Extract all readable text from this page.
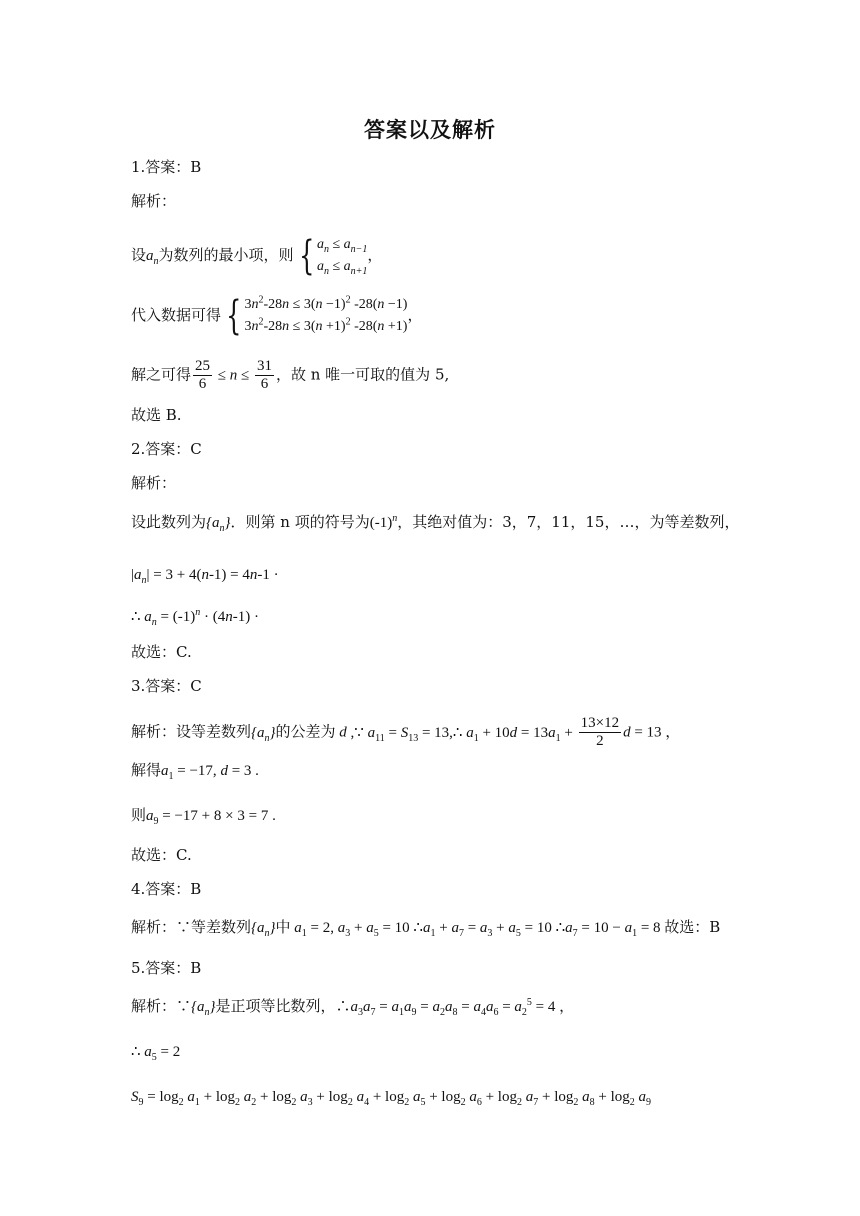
答案以及解析
1.答案：B
解析：
设$a_n$为数列的最小项，则 { $a_n \le a_{n-1}$
$a_n \le a_{n+1}$
，
代入数据可得 { $3n^2-28n \le 3(n -1)^2$ -28(n −1)
$3n^2-28n \le 3(n +1)^2$ -28(n +1)
，
解之可得 $\frac{25}{6} \le n \le \frac{31}{6}$ ，故 n 唯一可取的值为 5,
故选 B.
2.答案：C
解析：
设此数列为$\{a_n\}$．则第 n 项的符号为$(-1)^n$，其绝对值为：3，7，11，15，…，为等差数列，
$|a_n| = 3 + 4(n-1) = 4n-1$ ·
∴ $a_n = (-1)^n \cdot (4n-1)$ ·
故选：C.
3.答案：C
解析：设等差数列$\{a_n\}$的公差为 d ,∵ $a_{11} = S_{13}$ = 13,∴ $a_1 + 10d = 13a_1 + \frac{13\times 12}{2}$ d = 13 ，
解得$a_1 = -17$, d = 3 .
则$a_9 = -17 + 8 \times 3 = 7$ .
故选：C.
4.答案：B
解析：∵等差数列$\{a_n\}$中 $a_1 = 2$, $a_3 + a_5 = 10$ $\therefore a_1 + a_7 = a_3 + a_5 = 10$ $\therefore a_7 = 10 - a_1 = 8$ 故选：B
5.答案：B
解析：$\because\{a_n\}$是正项等比数列，$\therefore a_3a_7 = a_1a_9 = a_2a_8 = a_4a_6 = a_2^5 = 4$ ，
∴ $a_5 = 2$
$S_9 = \log_2 a_1 + \log_2 a_2 + \log_2 a_3 + \log_2 a_4 + \log_2 a_5 + \log_2 a_6 + \log_2 a_7 + \log_2 a_8 + \log_2 a_9$
